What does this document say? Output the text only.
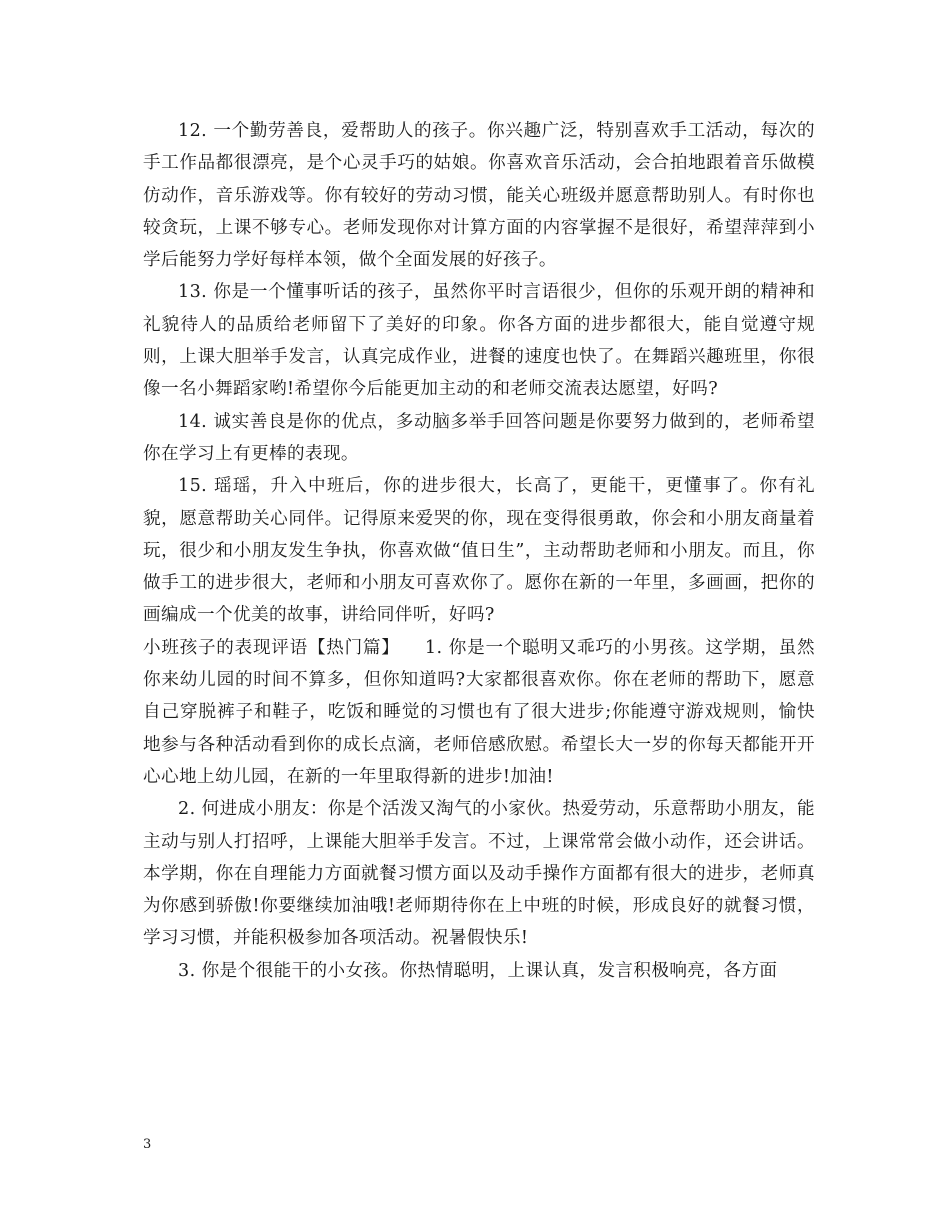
12. 一个勤劳善良，爱帮助人的孩子。你兴趣广泛，特别喜欢手工活动，每次的手工作品都很漂亮，是个心灵手巧的姑娘。你喜欢音乐活动，会合拍地跟着音乐做模仿动作，音乐游戏等。你有较好的劳动习惯，能关心班级并愿意帮助别人。有时你也较贪玩，上课不够专心。老师发现你对计算方面的内容掌握不是很好，希望萍萍到小学后能努力学好每样本领，做个全面发展的好孩子。

13. 你是一个懂事听话的孩子，虽然你平时言语很少，但你的乐观开朗的精神和礼貌待人的品质给老师留下了美好的印象。你各方面的进步都很大，能自觉遵守规则，上课大胆举手发言，认真完成作业，进餐的速度也快了。在舞蹈兴趣班里，你很像一名小舞蹈家哟!希望你今后能更加主动的和老师交流表达愿望，好吗?

14. 诚实善良是你的优点，多动脑多举手回答问题是你要努力做到的，老师希望你在学习上有更棒的表现。

15. 瑶瑶，升入中班后，你的进步很大，长高了，更能干，更懂事了。你有礼貌，愿意帮助关心同伴。记得原来爱哭的你，现在变得很勇敢，你会和小朋友商量着玩，很少和小朋友发生争执，你喜欢做“值日生”，主动帮助老师和小朋友。而且，你做手工的进步很大，老师和小朋友可喜欢你了。愿你在新的一年里，多画画，把你的画编成一个优美的故事，讲给同伴听，好吗?

小班孩子的表现评语【热门篇】    1. 你是一个聪明又乖巧的小男孩。这学期，虽然你来幼儿园的时间不算多，但你知道吗?大家都很喜欢你。你在老师的帮助下，愿意自己穿脱裤子和鞋子，吃饭和睡觉的习惯也有了很大进步;你能遵守游戏规则，愉快地参与各种活动看到你的成长点滴，老师倍感欣慰。希望长大一岁的你每天都能开开心心地上幼儿园，在新的一年里取得新的进步!加油!

2. 何进成小朋友：你是个活泼又淘气的小家伙。热爱劳动，乐意帮助小朋友，能主动与别人打招呼，上课能大胆举手发言。不过，上课常常会做小动作，还会讲话。本学期，你在自理能力方面就餐习惯方面以及动手操作方面都有很大的进步，老师真为你感到骄傲!你要继续加油哦!老师期待你在上中班的时候，形成良好的就餐习惯，学习习惯，并能积极参加各项活动。祝暑假快乐!

3. 你是个很能干的小女孩。你热情聪明，上课认真，发言积极响亮，各方面

3
